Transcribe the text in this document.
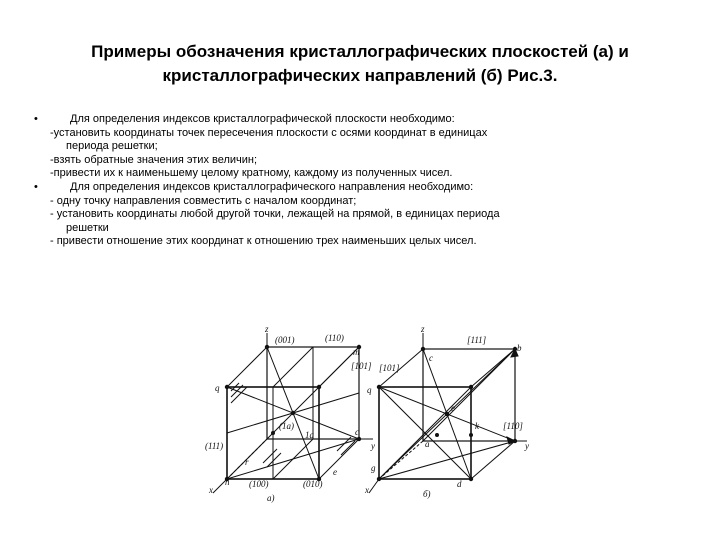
Примеры обозначения кристаллографических плоскостей (а) и
кристаллографических направлений (б) Рис.3.
•	Для определения индексов кристаллографической плоскости необходимо:
-установить координаты точек пересечения плоскости с осями координат в единицах
периода решетки;
-взять обратные значения этих величин;
-привести их к наименьшему целому кратному, каждому из полученных чисел.
•	Для определения индексов кристаллографического направления необходимо:
- одну точку направления совместить с началом координат;
- установить координаты любой другой точки, лежащей на прямой, в единицах периода
решетки
- привести отношение этих координат к отношению трех наименьших целых чисел.
z
(001)	(110)
[101]
m
q
(111)
(1a)
1a	c
y
x
n (100)	(010)
e
r
а)
z
[111]
b
c
[101]
q
e
k	[110]
y
a
g
d
x	б)
